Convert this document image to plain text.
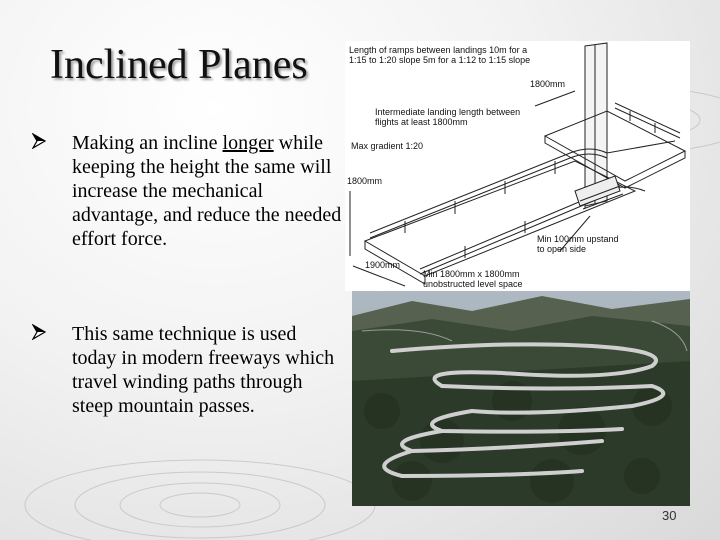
Inclined Planes
Making an incline longer while keeping the height the same will increase the mechanical advantage, and reduce the needed effort force.
This same technique is used today in modern freeways which travel winding paths through steep mountain passes.
Length of ramps between landings 10m for a
1:15 to 1:20 slope 5m for a 1:12 to 1:15 slope
1800mm
Intermediate landing length between
flights at least 1800mm
Max gradient 1:20
1800mm
Min 100mm upstand
to open side
1900mm
Min 1800mm x 1800mm
unobstructed level space
30
